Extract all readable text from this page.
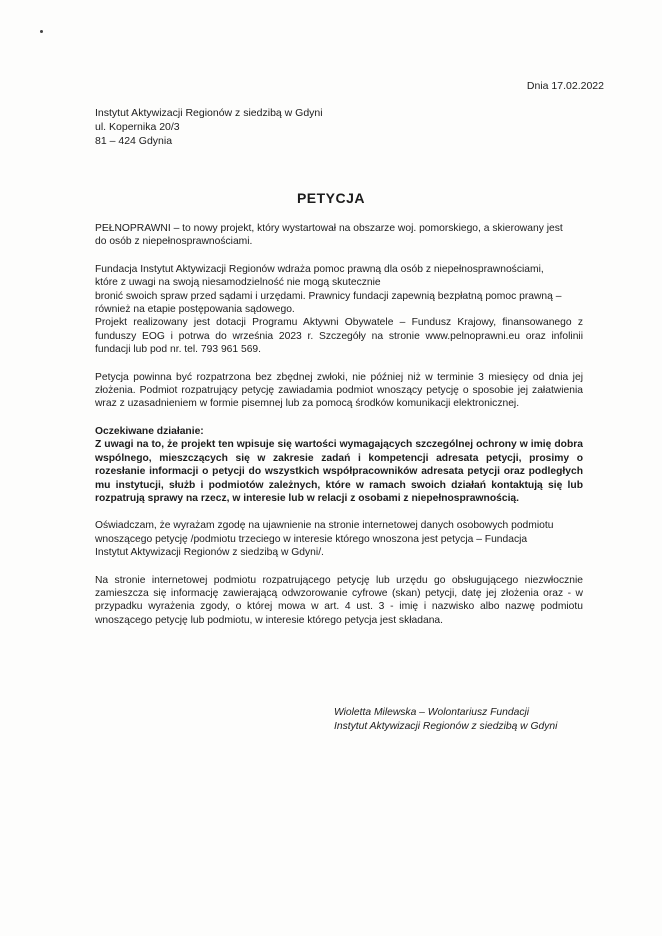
Dnia 17.02.2022
Instytut Aktywizacji Regionów z siedzibą w Gdyni
ul. Kopernika 20/3
81 – 424 Gdynia
PETYCJA
PEŁNOPRAWNI – to nowy projekt, który wystartował na obszarze woj. pomorskiego, a skierowany jest
do osób z niepełnosprawnościami.
Fundacja Instytut Aktywizacji Regionów wdraża pomoc prawną dla osób z niepełnosprawnościami,
które z uwagi na swoją niesamodzielność nie mogą skutecznie
bronić swoich spraw przed sądami i urzędami. Prawnicy fundacji zapewnią bezpłatną pomoc prawną –
również na etapie postępowania sądowego.
Projekt realizowany jest dotacji Programu Aktywni Obywatele – Fundusz Krajowy, finansowanego z funduszy EOG i potrwa do września 2023 r. Szczegóły na stronie www.pelnoprawni.eu oraz infolinii fundacji lub pod nr. tel. 793 961 569.
Petycja powinna być rozpatrzona bez zbędnej zwłoki, nie później niż w terminie 3 miesięcy od dnia jej złożenia. Podmiot rozpatrujący petycję zawiadamia podmiot wnoszący petycję o sposobie jej załatwienia wraz z uzasadnieniem w formie pisemnej lub za pomocą środków komunikacji elektronicznej.
Oczekiwane działanie:
Z uwagi na to, że projekt ten wpisuje się wartości wymagających szczególnej ochrony w imię dobra wspólnego, mieszczących się w zakresie zadań i kompetencji adresata petycji, prosimy o rozesłanie informacji o petycji do wszystkich współpracowników adresata petycji oraz podległych mu instytucji, służb i podmiotów zależnych, które w ramach swoich działań kontaktują się lub rozpatrują sprawy na rzecz, w interesie lub w relacji z osobami z niepełnosprawnością.
Oświadczam, że wyrażam zgodę na ujawnienie na stronie internetowej danych osobowych podmiotu
wnoszącego petycję /podmiotu trzeciego w interesie którego wnoszona jest petycja – Fundacja
Instytut Aktywizacji Regionów z siedzibą w Gdyni/.
Na stronie internetowej podmiotu rozpatrującego petycję lub urzędu go obsługującego niezwłocznie zamieszcza się informację zawierającą odwzorowanie cyfrowe (skan) petycji, datę jej złożenia oraz - w przypadku wyrażenia zgody, o której mowa w art. 4 ust. 3 - imię i nazwisko albo nazwę podmiotu wnoszącego petycję lub podmiotu, w interesie którego petycja jest składana.
Wioletta Milewska – Wolontariusz Fundacji
Instytut Aktywizacji Regionów z siedzibą w Gdyni
